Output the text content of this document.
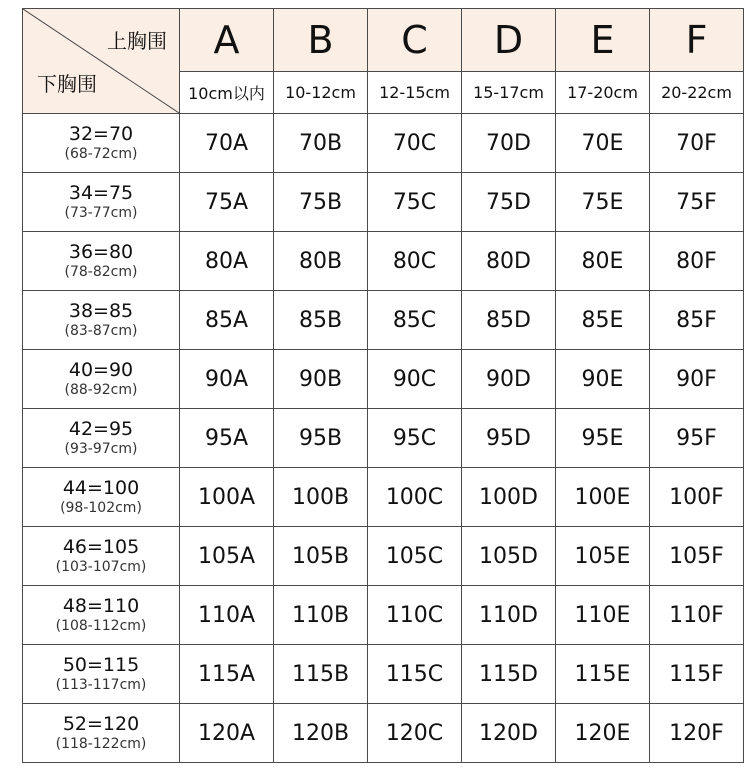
上胸围
下胸围	A	B	C	D	E	F
	10cm以内	10-12cm	12-15cm	15-17cm	17-20cm	20-22cm

32=70
(68-72cm)	70A	70B	70C	70D	70E	70F

34=75
(73-77cm)	75A	75B	75C	75D	75E	75F

36=80
(78-82cm)	80A	80B	80C	80D	80E	80F

38=85
(83-87cm)	85A	85B	85C	85D	85E	85F

40=90
(88-92cm)	90A	90B	90C	90D	90E	90F

42=95
(93-97cm)	95A	95B	95C	95D	95E	95F

44=100
(98-102cm)	100A	100B	100C	100D	100E	100F

46=105
(103-107cm)	105A	105B	105C	105D	105E	105F

48=110
(108-112cm)	110A	110B	110C	110D	110E	110F

50=115
(113-117cm)	115A	115B	115C	115D	115E	115F

52=120
(118-122cm)	120A	120B	120C	120D	120E	120F
